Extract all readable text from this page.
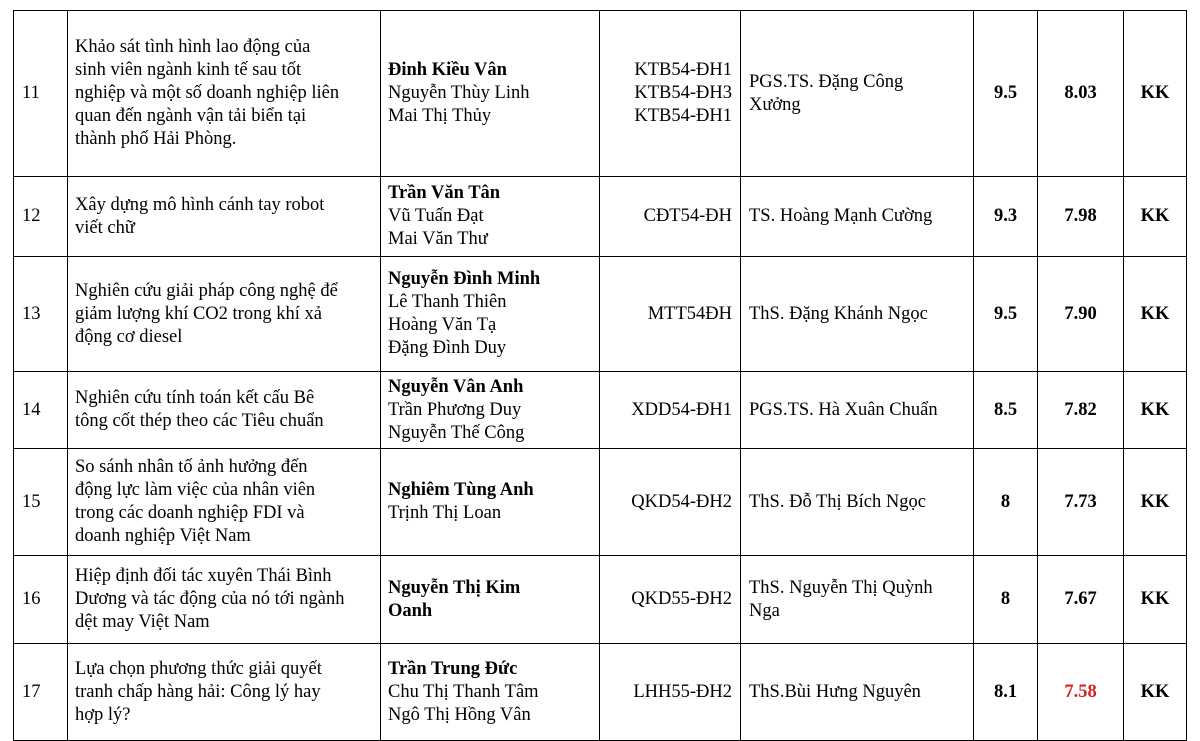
11	Khảo sát tình hình lao động của
sinh viên ngành kinh tế sau tốt
nghiệp và một số doanh nghiệp liên
quan đến ngành vận tải biển tại
thành phố Hải Phòng.	Đinh Kiều Vân
Nguyễn Thùy Linh
Mai Thị Thủy	KTB54-ĐH1
KTB54-ĐH3
KTB54-ĐH1	PGS.TS. Đặng Công
Xưởng	9.5	8.03	KK
12	Xây dựng mô hình cánh tay robot
viết chữ	Trần Văn Tân
Vũ Tuấn Đạt
Mai Văn Thư	CĐT54-ĐH	TS. Hoàng Mạnh Cường	9.3	7.98	KK
13	Nghiên cứu giải pháp công nghệ để
giảm lượng khí CO2 trong khí xả
động cơ diesel	Nguyễn Đình Minh
Lê Thanh Thiên
Hoàng Văn Tạ
Đặng Đình Duy	MTT54ĐH	ThS. Đặng Khánh Ngọc	9.5	7.90	KK
14	Nghiên cứu tính toán kết cấu Bê
tông cốt thép theo các Tiêu chuẩn	Nguyễn Vân Anh
Trần Phương Duy
Nguyễn Thế Công	XDD54-ĐH1	PGS.TS. Hà Xuân Chuẩn	8.5	7.82	KK
15	So sánh nhân tố ảnh hưởng đến
động lực làm việc của nhân viên
trong các doanh nghiệp FDI và
doanh nghiệp Việt Nam	Nghiêm Tùng Anh
Trịnh Thị Loan	QKD54-ĐH2	ThS. Đỗ Thị Bích Ngọc	8	7.73	KK
16	Hiệp định đối tác xuyên Thái Bình
Dương và tác động của nó tới ngành
dệt may Việt Nam	Nguyễn Thị Kim
Oanh	QKD55-ĐH2	ThS. Nguyễn Thị Quỳnh
Nga	8	7.67	KK
17	Lựa chọn phương thức giải quyết
tranh chấp hàng hải: Công lý hay
hợp lý?	Trần Trung Đức
Chu Thị Thanh Tâm
Ngô Thị Hồng Vân	LHH55-ĐH2	ThS.Bùi Hưng Nguyên	8.1	7.58	KK
